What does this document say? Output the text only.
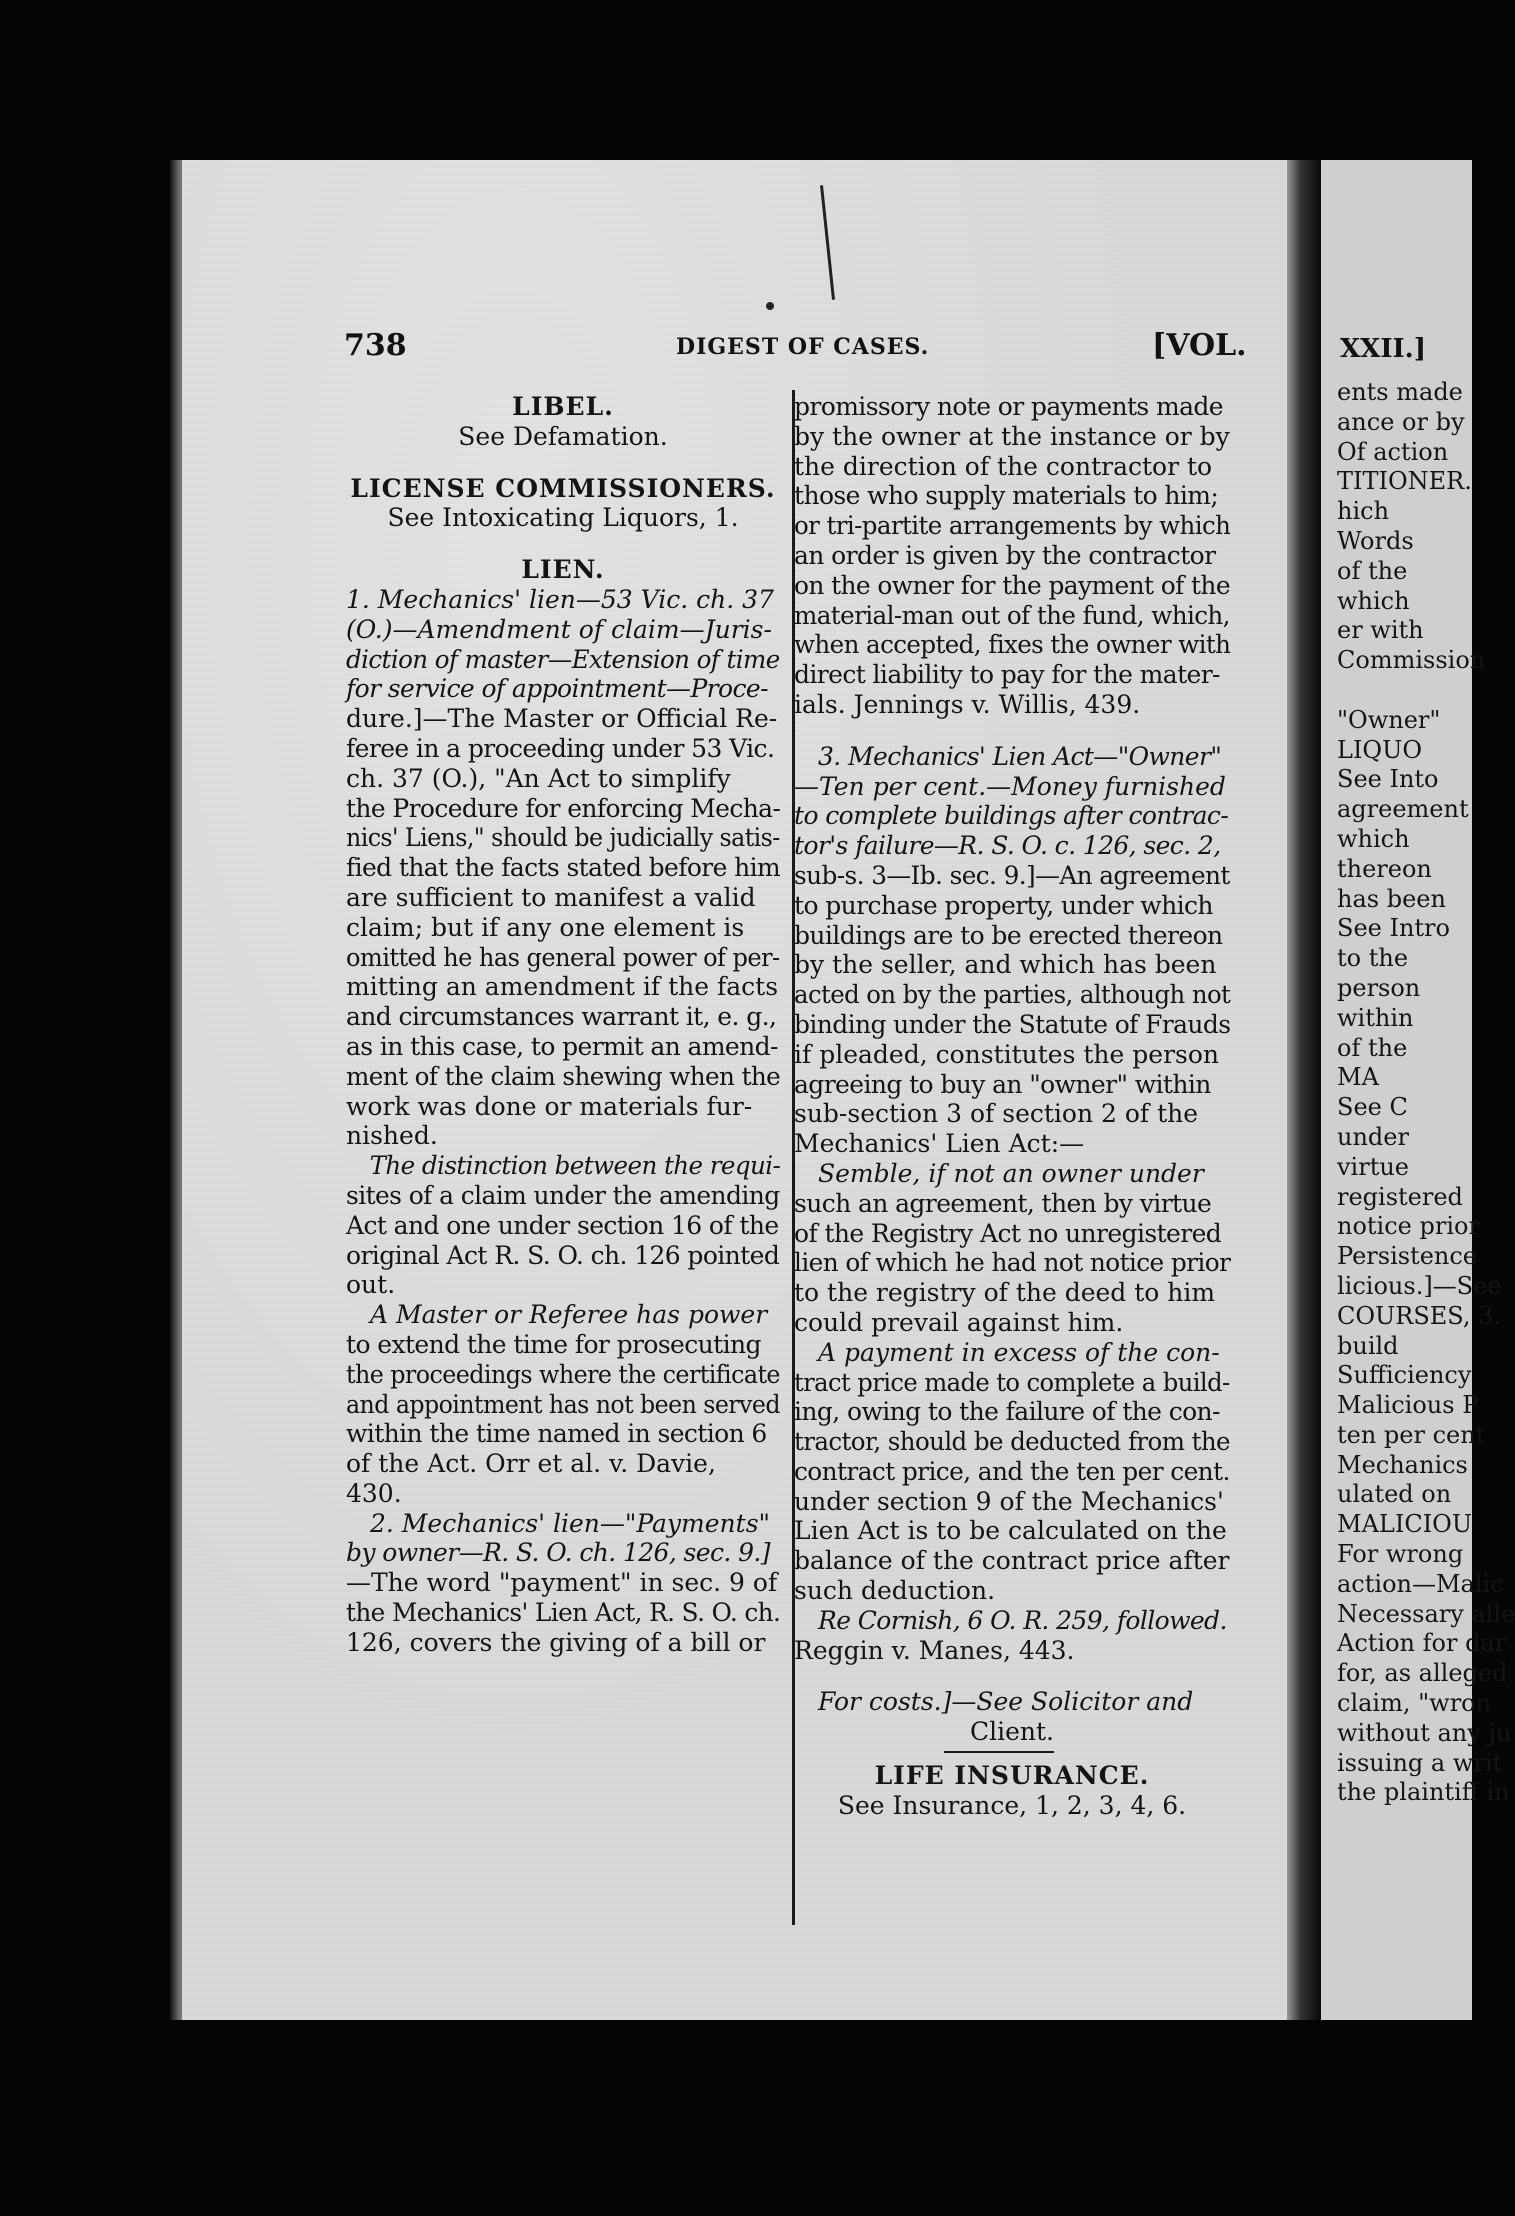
ents made
ance or by
Of action
TITIONER.
hich
Words
of the
which
er with
Commission
"Owner"
LIQUO
See Into
agreement
which
thereon
has been
See Intro
to the
person
within
of the
MA
See C
under
virtue
registered
notice prior
Persistence
licious.]—See
COURSES, 3.
build
Sufficiency
Malicious P
ten per cent
Mechanics
ulated on
MALICIOU
For wrong
action—Malic
Necessary alle
Action for dar
for, as alleged
claim, "wron
without any ju
issuing a writ
the plaintiff in
738	DIGEST OF CASES.	[VOL.
LIBEL.
See Defamation.
LICENSE COMMISSIONERS.
See Intoxicating Liquors, 1.
LIEN.
1. Mechanics' lien—53 Vic. ch. 37
(O.)—Amendment of claim—Juris-
diction of master—Extension of time
for service of appointment—Proce-
dure.]—The Master or Official Re-
feree in a proceeding under 53 Vic.
ch. 37 (O.), "An Act to simplify
the Procedure for enforcing Mecha-
nics' Liens," should be judicially satis-
fied that the facts stated before him
are sufficient to manifest a valid
claim; but if any one element is
omitted he has general power of per-
mitting an amendment if the facts
and circumstances warrant it, e. g.,
as in this case, to permit an amend-
ment of the claim shewing when the
work was done or materials fur-
nished.
The distinction between the requi-
sites of a claim under the amending
Act and one under section 16 of the
original Act R. S. O. ch. 126 pointed
out.
A Master or Referee has power
to extend the time for prosecuting
the proceedings where the certificate
and appointment has not been served
within the time named in section 6
of the Act. Orr et al. v. Davie,
430.
2. Mechanics' lien—"Payments"
by owner—R. S. O. ch. 126, sec. 9.]
—The word "payment" in sec. 9 of
the Mechanics' Lien Act, R. S. O. ch.
126, covers the giving of a bill or
promissory note or payments made
by the owner at the instance or by
the direction of the contractor to
those who supply materials to him;
or tri-partite arrangements by which
an order is given by the contractor
on the owner for the payment of the
material-man out of the fund, which,
when accepted, fixes the owner with
direct liability to pay for the mater-
ials. Jennings v. Willis, 439.
3. Mechanics' Lien Act—"Owner"
—Ten per cent.—Money furnished
to complete buildings after contrac-
tor's failure—R. S. O. c. 126, sec. 2,
sub-s. 3—Ib. sec. 9.]—An agreement
to purchase property, under which
buildings are to be erected thereon
by the seller, and which has been
acted on by the parties, although not
binding under the Statute of Frauds
if pleaded, constitutes the person
agreeing to buy an "owner" within
sub-section 3 of section 2 of the
Mechanics' Lien Act:—
Semble, if not an owner under
such an agreement, then by virtue
of the Registry Act no unregistered
lien of which he had not notice prior
to the registry of the deed to him
could prevail against him.
A payment in excess of the con-
tract price made to complete a build-
ing, owing to the failure of the con-
tractor, should be deducted from the
contract price, and the ten per cent.
under section 9 of the Mechanics'
Lien Act is to be calculated on the
balance of the contract price after
such deduction.
Re Cornish, 6 O. R. 259, followed.
Reggin v. Manes, 443.
For costs.]—See Solicitor and
Client.
LIFE INSURANCE.
See Insurance, 1, 2, 3, 4, 6.
XXII.]
